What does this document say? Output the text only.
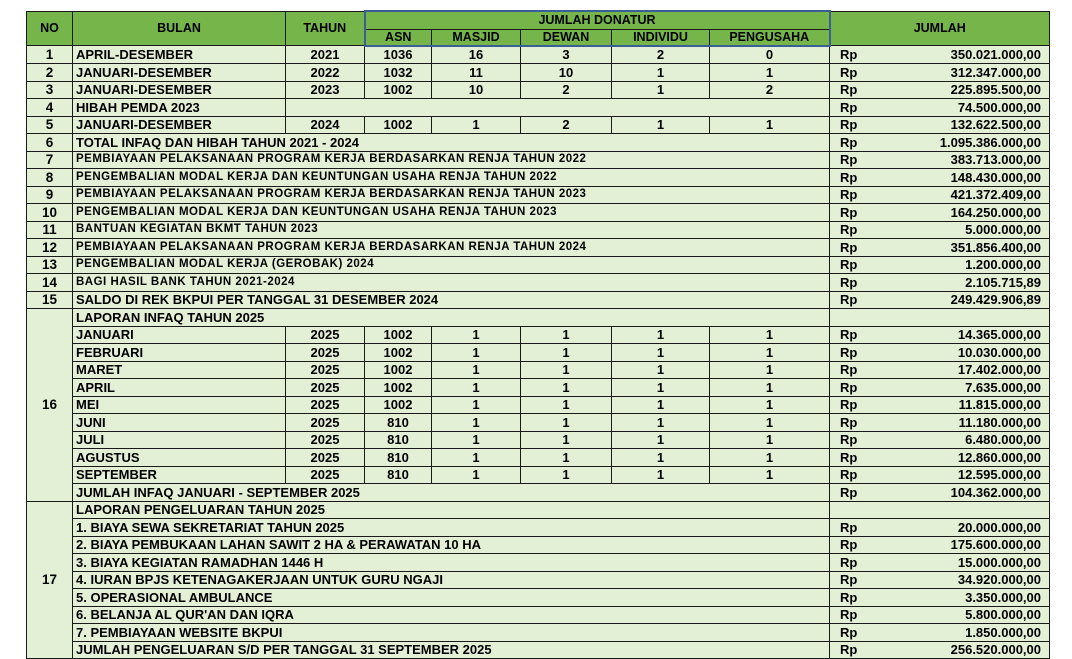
NO	BULAN	TAHUN	JUMLAH DONATUR					JUMLAH	
			ASN	MASJID	DEWAN	INDIVIDU	PENGUSAHA		
1	APRIL-DESEMBER	2021	1036	16	3	2	0	Rp	350.021.000,00
2	JANUARI-DESEMBER	2022	1032	11	10	1	1	Rp	312.347.000,00
3	JANUARI-DESEMBER	2023	1002	10	2	1	2	Rp	225.895.500,00
4	HIBAH PEMDA 2023							Rp	74.500.000,00
5	JANUARI-DESEMBER	2024	1002	1	2	1	1	Rp	132.622.500,00
6	TOTAL INFAQ DAN HIBAH TAHUN 2021 - 2024							Rp	1.095.386.000,00
7	PEMBIAYAAN PELAKSANAAN PROGRAM KERJA BERDASARKAN RENJA TAHUN 2022							Rp	383.713.000,00
8	PENGEMBALIAN MODAL KERJA DAN KEUNTUNGAN USAHA RENJA TAHUN 2022							Rp	148.430.000,00
9	PEMBIAYAAN PELAKSANAAN PROGRAM KERJA BERDASARKAN RENJA TAHUN 2023							Rp	421.372.409,00
10	PENGEMBALIAN MODAL KERJA DAN KEUNTUNGAN USAHA RENJA TAHUN 2023							Rp	164.250.000,00
11	BANTUAN KEGIATAN BKMT TAHUN 2023							Rp	5.000.000,00
12	PEMBIAYAAN PELAKSANAAN PROGRAM KERJA BERDASARKAN RENJA TAHUN 2024							Rp	351.856.400,00
13	PENGEMBALIAN MODAL KERJA (GEROBAK) 2024							Rp	1.200.000,00
14	BAGI HASIL BANK TAHUN 2021-2024							Rp	2.105.715,89
15	SALDO DI REK BKPUI PER TANGGAL 31 DESEMBER 2024							Rp	249.429.906,89
16	LAPORAN INFAQ TAHUN 2025								
	JANUARI	2025	1002	1	1	1	1	Rp	14.365.000,00
	FEBRUARI	2025	1002	1	1	1	1	Rp	10.030.000,00
	MARET	2025	1002	1	1	1	1	Rp	17.402.000,00
	APRIL	2025	1002	1	1	1	1	Rp	7.635.000,00
	MEI	2025	1002	1	1	1	1	Rp	11.815.000,00
	JUNI	2025	810	1	1	1	1	Rp	11.180.000,00
	JULI	2025	810	1	1	1	1	Rp	6.480.000,00
	AGUSTUS	2025	810	1	1	1	1	Rp	12.860.000,00
	SEPTEMBER	2025	810	1	1	1	1	Rp	12.595.000,00
	JUMLAH INFAQ JANUARI - SEPTEMBER 2025							Rp	104.362.000,00
17	LAPORAN PENGELUARAN TAHUN 2025								
	1. BIAYA SEWA SEKRETARIAT TAHUN 2025							Rp	20.000.000,00
	2. BIAYA PEMBUKAAN LAHAN SAWIT 2 HA & PERAWATAN 10 HA							Rp	175.600.000,00
	3. BIAYA KEGIATAN RAMADHAN 1446 H							Rp	15.000.000,00
	4. IURAN BPJS KETENAGAKERJAAN UNTUK GURU NGAJI							Rp	34.920.000,00
	5. OPERASIONAL AMBULANCE							Rp	3.350.000,00
	6. BELANJA AL QUR'AN DAN IQRA							Rp	5.800.000,00
	7. PEMBIAYAAN WEBSITE BKPUI							Rp	1.850.000,00
	JUMLAH PENGELUARAN S/D PER TANGGAL 31 SEPTEMBER 2025							Rp	256.520.000,00
